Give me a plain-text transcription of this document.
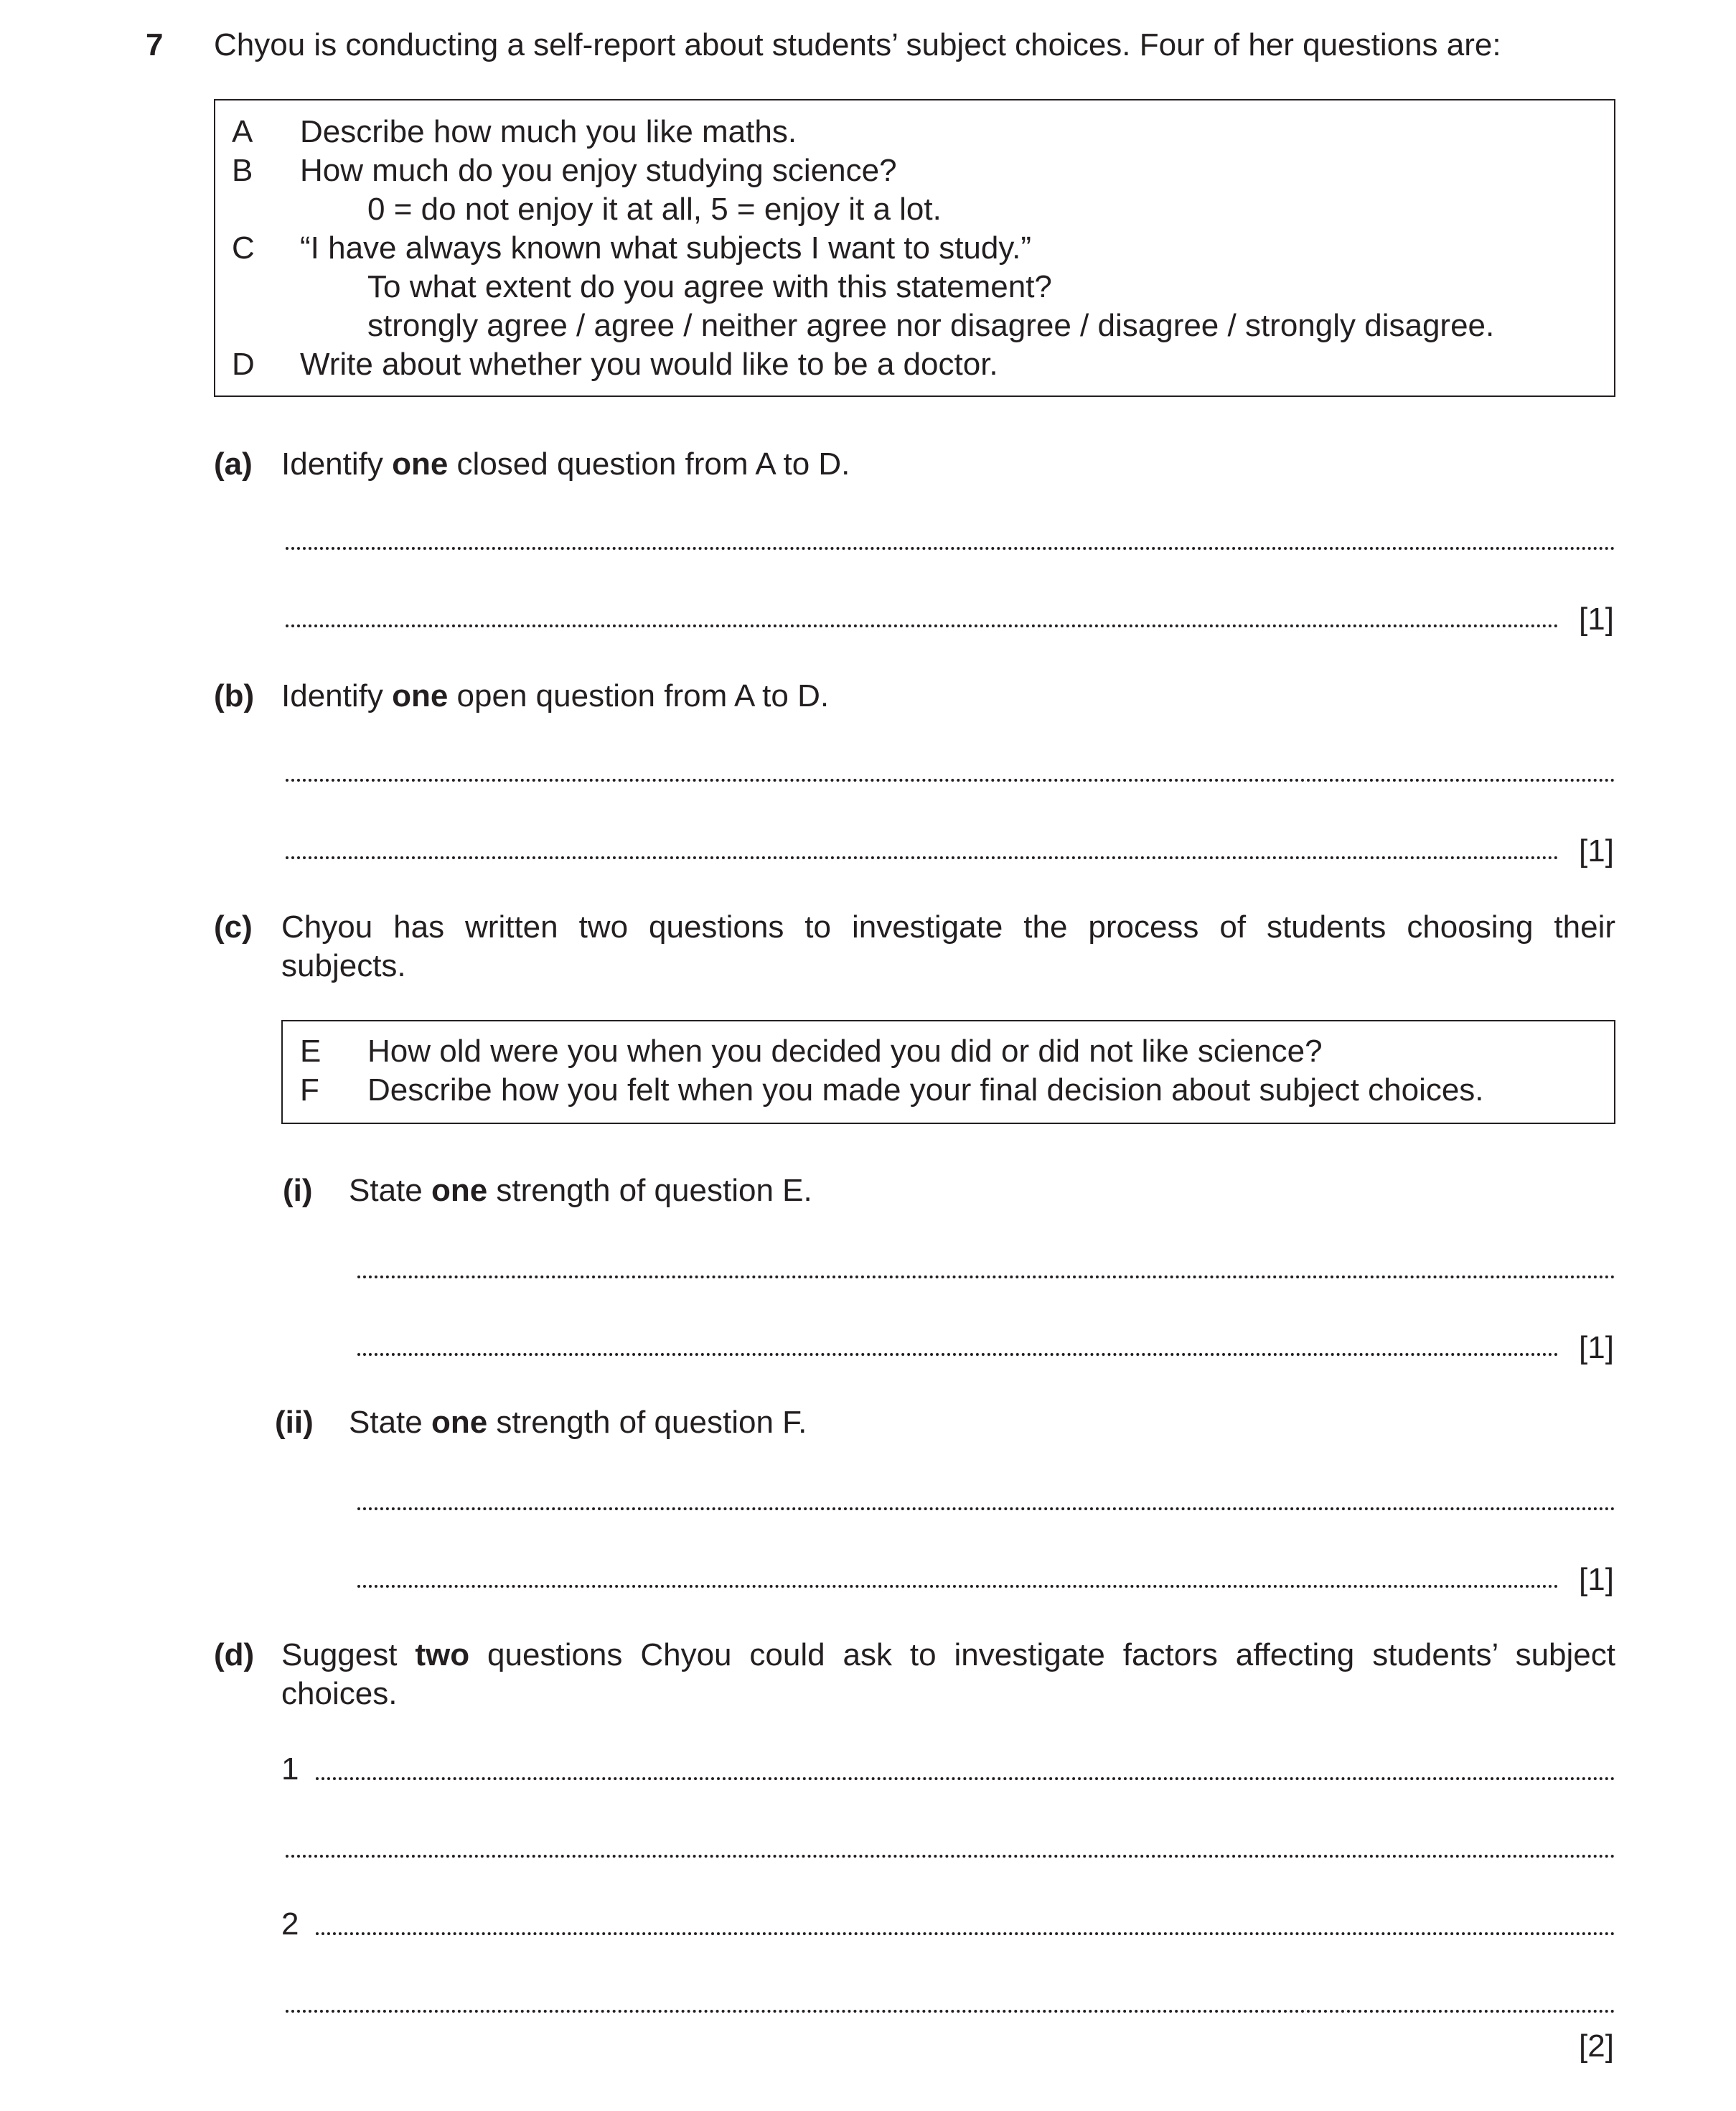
7 Chyou is conducting a self-report about students’ subject choices. Four of her questions are:
A Describe how much you like maths.
B How much do you enjoy studying science?
0 = do not enjoy it at all, 5 = enjoy it a lot.
C “I have always known what subjects I want to study.”
To what extent do you agree with this statement?
strongly agree / agree / neither agree nor disagree / disagree / strongly disagree.
D Write about whether you would like to be a doctor.
(a) Identify one closed question from A to D.
[1]
(b) Identify one open question from A to D.
[1]
(c) Chyou has written two questions to investigate the process of students choosing their
subjects.
E How old were you when you decided you did or did not like science?
F Describe how you felt when you made your final decision about subject choices.
(i) State one strength of question E.
[1]
(ii) State one strength of question F.
[1]
(d) Suggest two questions Chyou could ask to investigate factors affecting students’ subject
choices.
1
2
[2]
